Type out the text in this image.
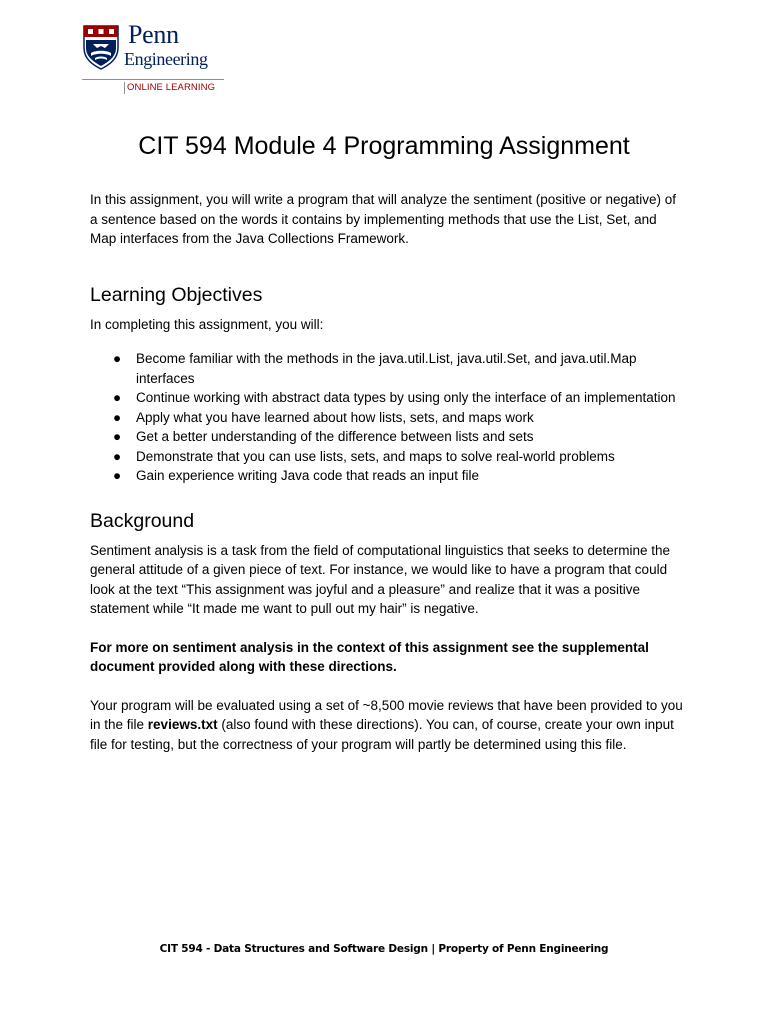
Penn
Engineering
ONLINE LEARNING
CIT 594 Module 4 Programming Assignment

In this assignment, you will write a program that will analyze the sentiment (positive or negative) of a sentence based on the words it contains by implementing methods that use the List, Set, and Map interfaces from the Java Collections Framework.

Learning Objectives

In completing this assignment, you will:

● Become familiar with the methods in the java.util.List, java.util.Set, and java.util.Map interfaces
● Continue working with abstract data types by using only the interface of an implementation
● Apply what you have learned about how lists, sets, and maps work
● Get a better understanding of the difference between lists and sets
● Demonstrate that you can use lists, sets, and maps to solve real-world problems
● Gain experience writing Java code that reads an input file
Background

Sentiment analysis is a task from the field of computational linguistics that seeks to determine the general attitude of a given piece of text. For instance, we would like to have a program that could look at the text “This assignment was joyful and a pleasure” and realize that it was a positive statement while “It made me want to pull out my hair” is negative.

For more on sentiment analysis in the context of this assignment see the supplemental document provided along with these directions.

Your program will be evaluated using a set of ~8,500 movie reviews that have been provided to you in the file reviews.txt (also found with these directions). You can, of course, create your own input file for testing, but the correctness of your program will partly be determined using this file.

CIT 594 - Data Structures and Software Design | Property of Penn Engineering
